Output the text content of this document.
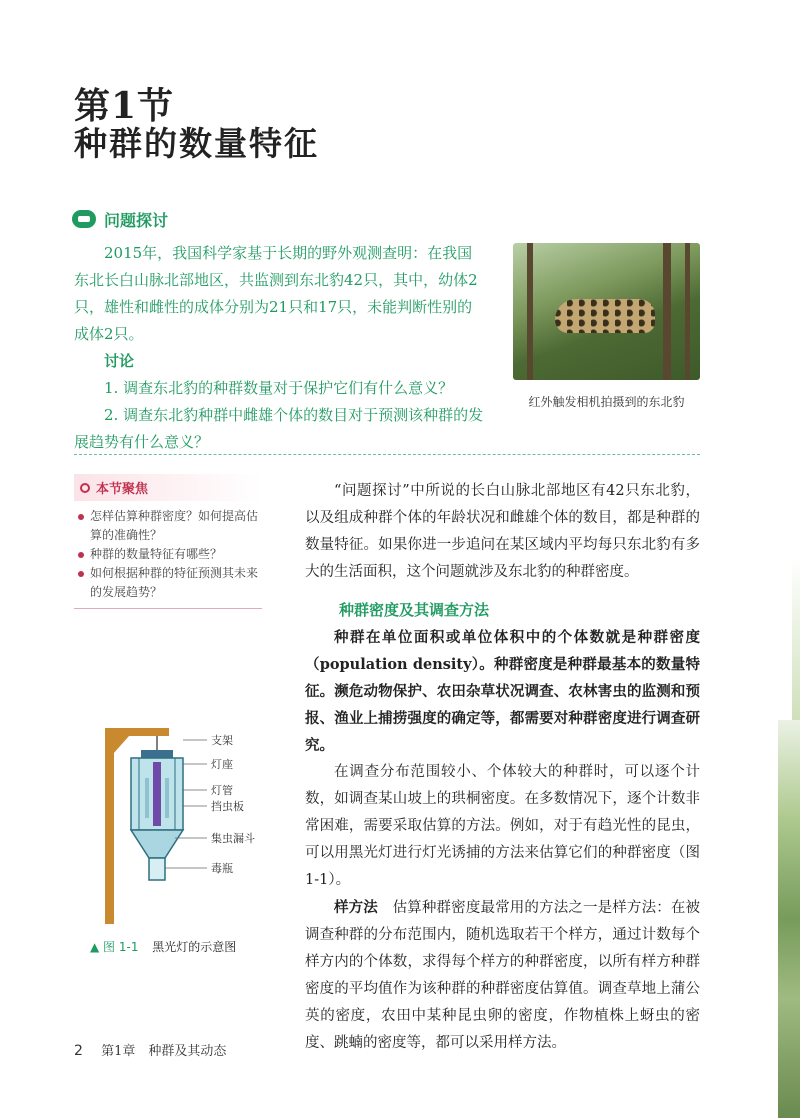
第1节
种群的数量特征
问题探讨

2015年，我国科学家基于长期的野外观测查明：在我国东北长白山脉北部地区，共监测到东北豹42只，其中，幼体2只，雄性和雌性的成体分别为21只和17只，未能判断性别的成体2只。

讨论

1. 调查东北豹的种群数量对于保护它们有什么意义？

2. 调查东北豹种群中雌雄个体的数目对于预测该种群的发展趋势有什么意义？

红外触发相机拍摄到的东北豹
本节聚焦
怎样估算种群密度？如何提高估算的准确性？
种群的数量特征有哪些？
如何根据种群的特征预测其未来的发展趋势？

“问题探讨”中所说的长白山脉北部地区有42只东北豹，以及组成种群个体的年龄状况和雌雄个体的数目，都是种群的数量特征。如果你进一步追问在某区域内平均每只东北豹有多大的生活面积，这个问题就涉及东北豹的种群密度。

种群密度及其调查方法

种群在单位面积或单位体积中的个体数就是种群密度（population density）。种群密度是种群最基本的数量特征。濒危动物保护、农田杂草状况调查、农林害虫的监测和预报、渔业上捕捞强度的确定等，都需要对种群密度进行调查研究。

在调查分布范围较小、个体较大的种群时，可以逐个计数，如调查某山坡上的珙桐密度。在多数情况下，逐个计数非常困难，需要采取估算的方法。例如，对于有趋光性的昆虫，可以用黑光灯进行灯光诱捕的方法来估算它们的种群密度（图1-1）。

样方法　 估算种群密度最常用的方法之一是样方法：在被调查种群的分布范围内，随机选取若干个样方，通过计数每个样方内的个体数，求得每个样方的种群密度，以所有样方种群密度的平均值作为该种群的种群密度估算值。调查草地上蒲公英的密度，农田中某种昆虫卵的密度，作物植株上蚜虫的密度、跳蝻的密度等，都可以采用样方法。

支架
灯座
灯管
挡虫板
集虫漏斗
毒瓶
▲ 图 1-1 黑光灯的示意图
2 第1章　种群及其动态
